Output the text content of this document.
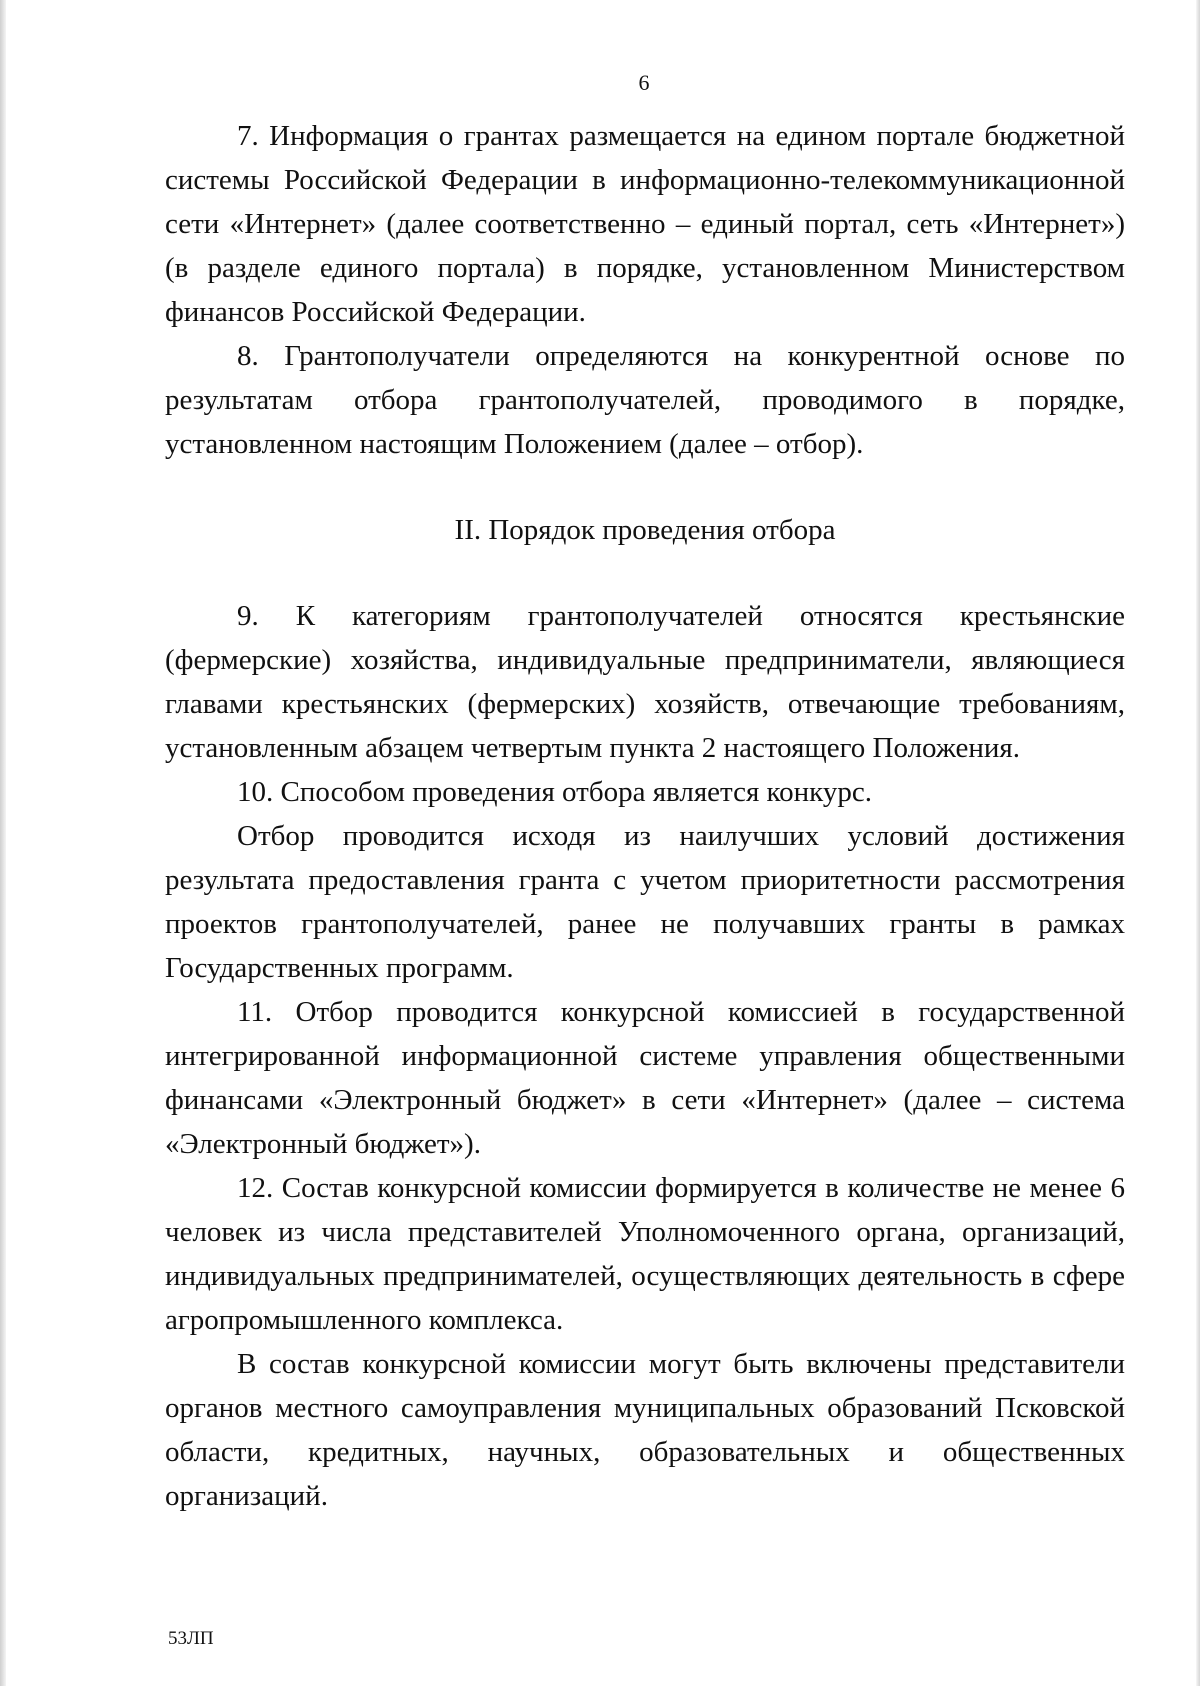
6

7. Информация о грантах размещается на едином портале бюджетной системы Российской Федерации в информационно-телекоммуникационной сети «Интернет» (далее соответственно – единый портал, сеть «Интернет») (в разделе единого портала) в порядке, установленном Министерством финансов Российской Федерации.

8. Грантополучатели определяются на конкурентной основе по результатам отбора грантополучателей, проводимого в порядке, установленном настоящим Положением (далее – отбор).

II. Порядок проведения отбора

9. К категориям грантополучателей относятся крестьянские (фермерские) хозяйства, индивидуальные предприниматели, являющиеся главами крестьянских (фермерских) хозяйств, отвечающие требованиям, установленным абзацем четвертым пункта 2 настоящего Положения.

10. Способом проведения отбора является конкурс.

Отбор проводится исходя из наилучших условий достижения результата предоставления гранта с учетом приоритетности рассмотрения проектов грантополучателей, ранее не получавших гранты в рамках Государственных программ.

11. Отбор проводится конкурсной комиссией в государственной интегрированной информационной системе управления общественными финансами «Электронный бюджет» в сети «Интернет» (далее – система «Электронный бюджет»).

12. Состав конкурсной комиссии формируется в количестве не менее 6 человек из числа представителей Уполномоченного органа, организаций, индивидуальных предпринимателей, осуществляющих деятельность в сфере агропромышленного комплекса.

В состав конкурсной комиссии могут быть включены представители органов местного самоуправления муниципальных образований Псковской области, кредитных, научных, образовательных и общественных организаций.

53ЛП
